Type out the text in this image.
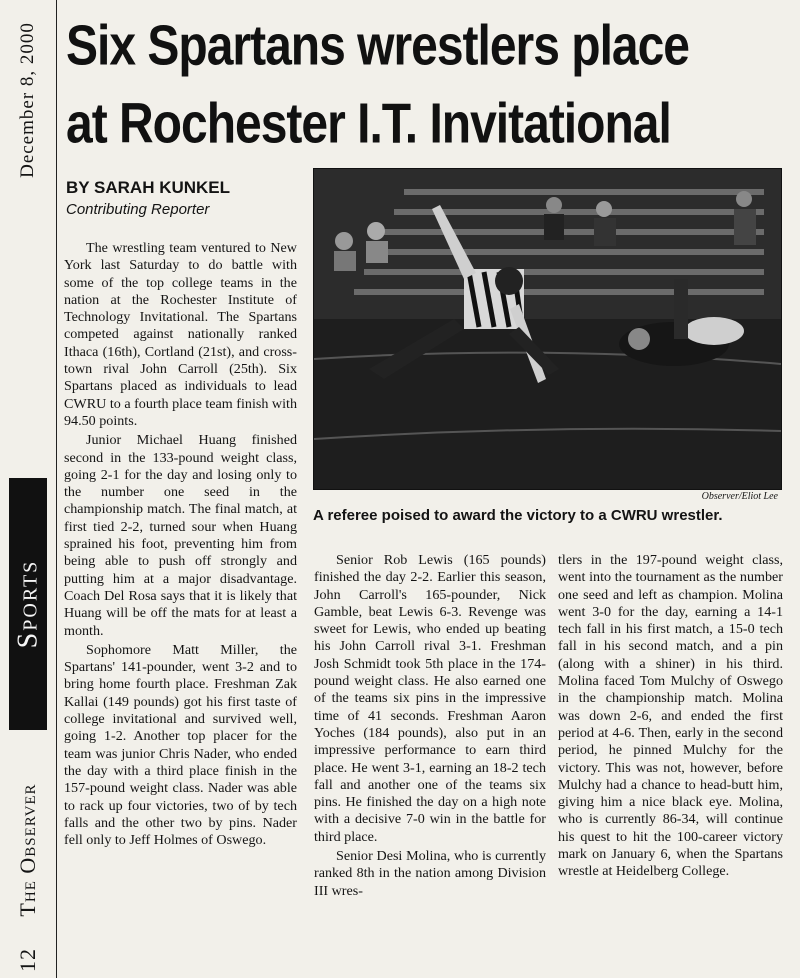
December 8, 2000
Sports
The Observer
12
Six Spartans wrestlers place
at Rochester I.T. Invitational
BY SARAH KUNKEL
Contributing Reporter

The wrestling team ventured to New York last Saturday to do battle with some of the top college teams in the nation at the Rochester Institute of Technology Invitational. The Spartans competed against nationally ranked Ithaca (16th), Cortland (21st), and cross-town rival John Carroll (25th). Six Spartans placed as individuals to lead CWRU to a fourth place team finish with 94.50 points.

Junior Michael Huang finished second in the 133-pound weight class, going 2-1 for the day and losing only to the number one seed in the championship match. The final match, at first tied 2-2, turned sour when Huang sprained his foot, preventing him from being able to push off strongly and putting him at a major disadvantage. Coach Del Rosa says that it is likely that Huang will be off the mats for at least a month.

Sophomore Matt Miller, the Spartans' 141-pounder, went 3-2 and to bring home fourth place. Freshman Zak Kallai (149 pounds) got his first taste of college invitational and survived well, going 1-2. Another top placer for the team was junior Chris Nader, who ended the day with a third place finish in the 157-pound weight class. Nader was able to rack up four victories, two of by tech falls and the other two by pins. Nader fell only to Jeff Holmes of Oswego.

Observer/Eliot Lee
A referee poised to award the victory to a CWRU wrestler.

Senior Rob Lewis (165 pounds) finished the day 2-2. Earlier this season, John Carroll's 165-pounder, Nick Gamble, beat Lewis 6-3. Revenge was sweet for Lewis, who ended up beating his John Carroll rival 3-1. Freshman Josh Schmidt took 5th place in the 174-pound weight class. He also earned one of the teams six pins in the impressive time of 41 seconds. Freshman Aaron Yoches (184 pounds), also put in an impressive performance to earn third place. He went 3-1, earning an 18-2 tech fall and another one of the teams six pins. He finished the day on a high note with a decisive 7-0 win in the battle for third place.

Senior Desi Molina, who is currently ranked 8th in the nation among Division III wres-

tlers in the 197-pound weight class, went into the tournament as the number one seed and left as champion. Molina went 3-0 for the day, earning a 14-1 tech fall in his first match, a 15-0 tech fall in his second match, and a pin (along with a shiner) in his third. Molina faced Tom Mulchy of Oswego in the championship match. Molina was down 2-6, and ended the first period at 4-6. Then, early in the second period, he pinned Mulchy for the victory. This was not, however, before Mulchy had a chance to head-butt him, giving him a nice black eye. Molina, who is currently 86-34, will continue his quest to hit the 100-career victory mark on January 6, when the Spartans wrestle at Heidelberg College.
